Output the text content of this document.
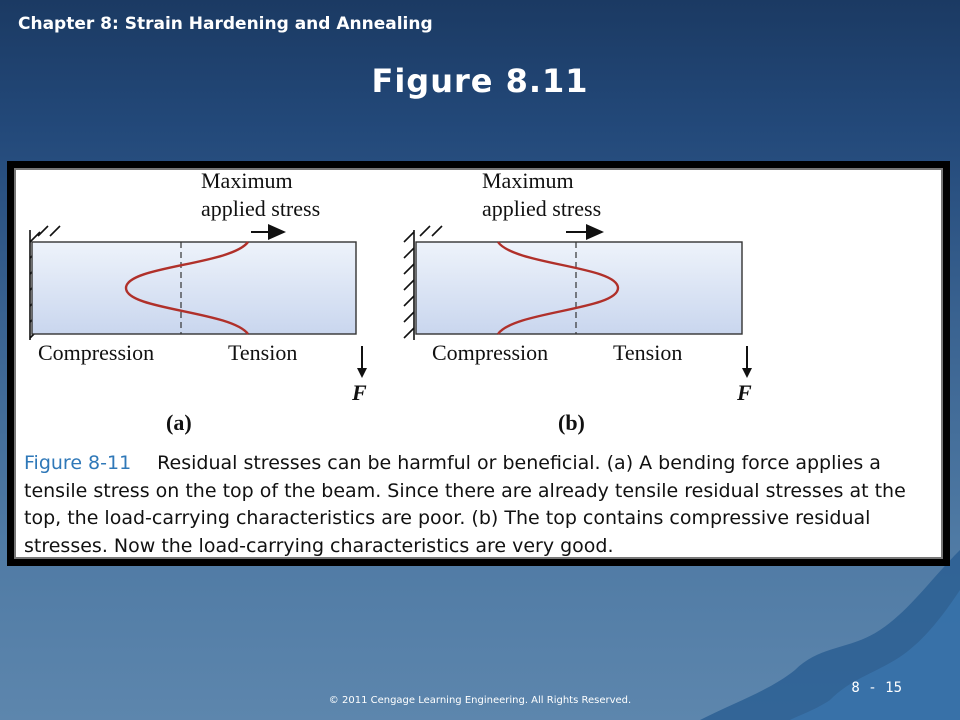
Chapter 8: Strain Hardening and Annealing
Figure 8.11
Maximum
applied stress
Compression	Tension
F
(a)
Maximum
applied stress
Compression	Tension
F
(b)
Figure 8-11 Residual stresses can be harmful or beneficial. (a) A bending force applies a tensile stress on the top of the beam. Since there are already tensile residual stresses at the top, the load-carrying characteristics are poor. (b) The top contains compressive residual stresses. Now the load-carrying characteristics are very good.
8 - 15
© 2011 Cengage Learning Engineering. All Rights Reserved.
